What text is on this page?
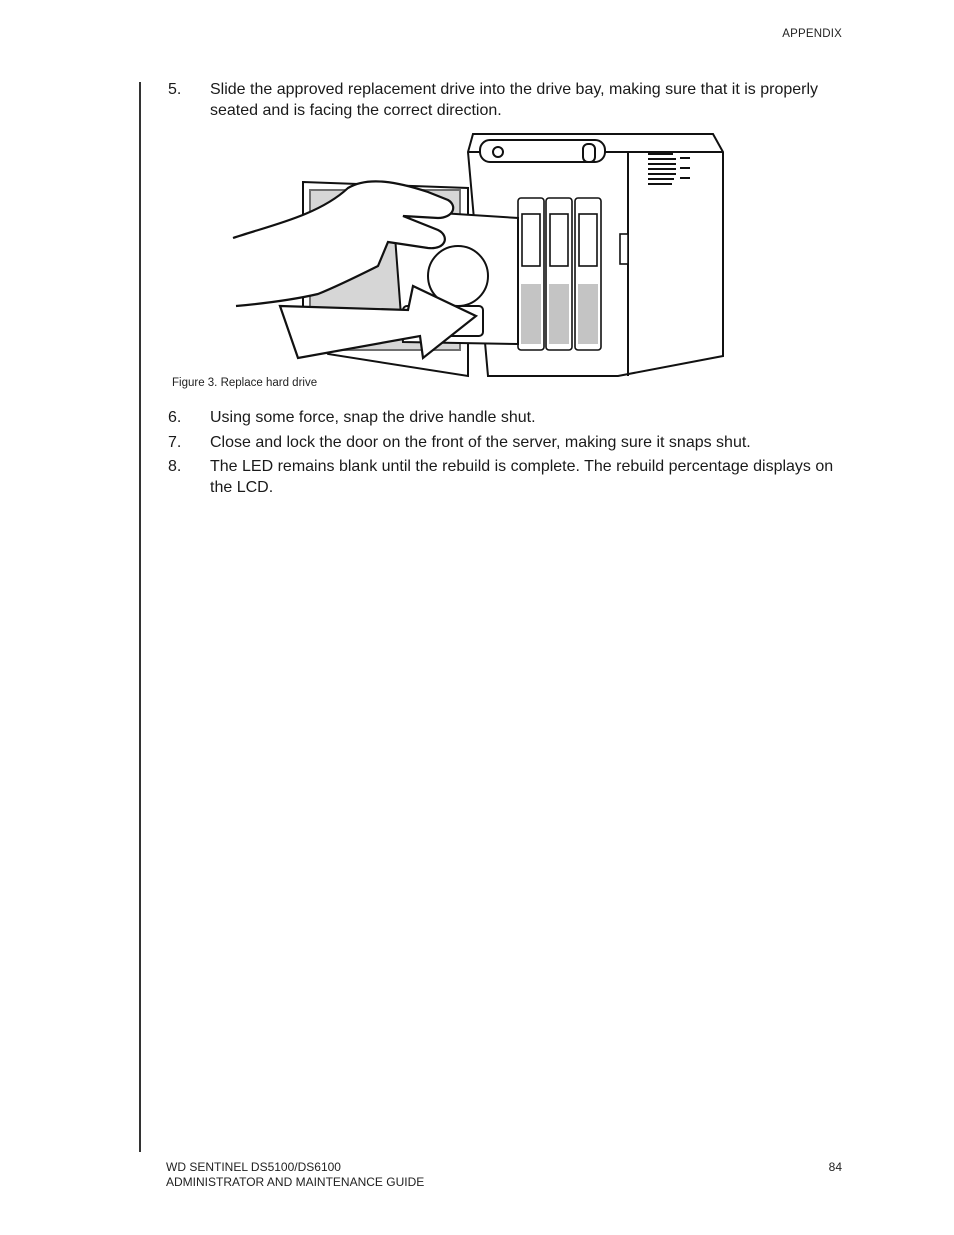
APPENDIX
5.	Slide the approved replacement drive into the drive bay, making sure that it is properly seated and is facing the correct direction.
Figure 3. Replace hard drive
6.	Using some force, snap the drive handle shut.
7.	Close and lock the door on the front of the server, making sure it snaps shut.
8.	The LED remains blank until the rebuild is complete. The rebuild percentage displays on the LCD.
WD SENTINEL DS5100/DS6100
ADMINISTRATOR AND MAINTENANCE GUIDE
84
